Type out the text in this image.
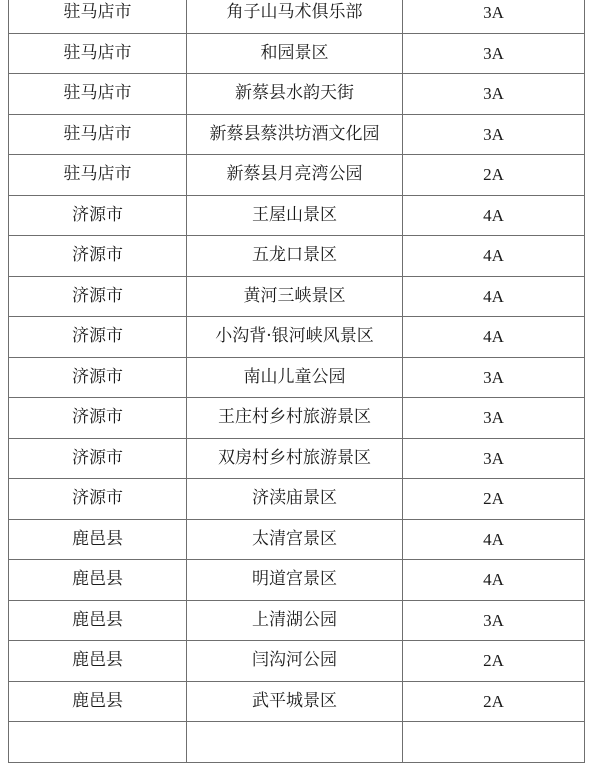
驻马店市	角子山马术俱乐部	3A
驻马店市	和园景区	3A
驻马店市	新蔡县水韵天街	3A
驻马店市	新蔡县蔡洪坊酒文化园	3A
驻马店市	新蔡县月亮湾公园	2A
济源市	王屋山景区	4A
济源市	五龙口景区	4A
济源市	黄河三峡景区	4A
济源市	小沟背·银河峡风景区	4A
济源市	南山儿童公园	3A
济源市	王庄村乡村旅游景区	3A
济源市	双房村乡村旅游景区	3A
济源市	济渎庙景区	2A
鹿邑县	太清宫景区	4A
鹿邑县	明道宫景区	4A
鹿邑县	上清湖公园	3A
鹿邑县	闫沟河公园	2A
鹿邑县	武平城景区	2A
